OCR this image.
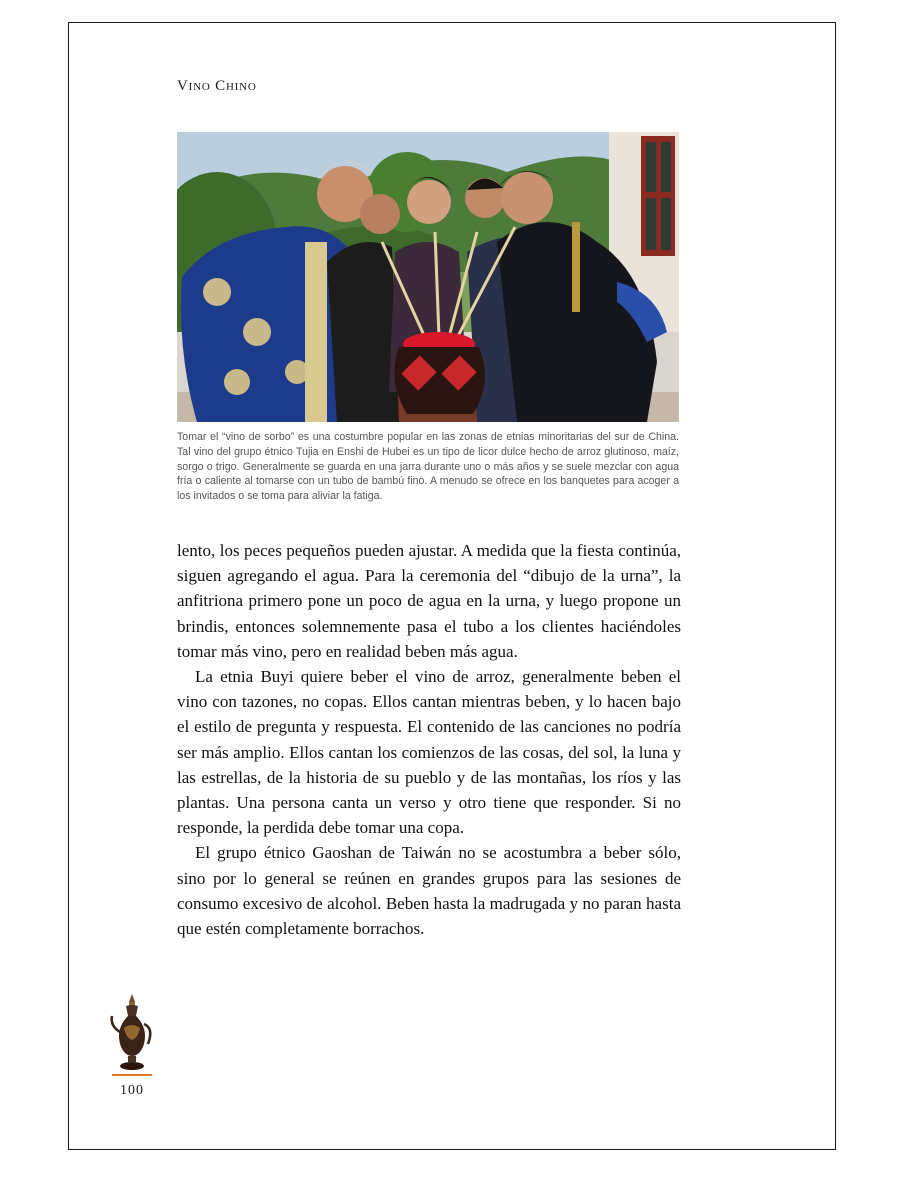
Vino Chino
Tomar el “vino de sorbo” es una costumbre popular en las zonas de etnias minoritarias del sur de China. Tal vino del grupo étnico Tujia en Enshi de Hubei es un tipo de licor dulce hecho de arroz glutinoso, maíz, sorgo o trigo. Generalmente se guarda en una jarra durante uno o más años y se suele mezclar con agua fría o caliente al tomarse con un tubo de bambú fino. A menudo se ofrece en los banquetes para acoger a los invitados o se toma para aliviar la fatiga.

lento, los peces pequeños pueden ajustar. A medida que la fiesta continúa, siguen agregando el agua. Para la ceremonia del “dibujo de la urna”, la anfitriona primero pone un poco de agua en la urna, y luego propone un brindis, entonces solemnemente pasa el tubo a los clientes haciéndoles tomar más vino, pero en realidad beben más agua.

La etnia Buyi quiere beber el vino de arroz, generalmente beben el vino con tazones, no copas. Ellos cantan mientras beben, y lo hacen bajo el estilo de pregunta y respuesta. El contenido de las canciones no podría ser más amplio. Ellos cantan los comienzos de las cosas, del sol, la luna y las estrellas, de la historia de su pueblo y de las montañas, los ríos y las plantas. Una persona canta un verso y otro tiene que responder. Si no responde, la perdida debe tomar una copa.

El grupo étnico Gaoshan de Taiwán no se acostumbra a beber sólo, sino por lo general se reúnen en grandes grupos para las sesiones de consumo excesivo de alcohol. Beben hasta la madrugada y no paran hasta que estén completamente borrachos.

100
